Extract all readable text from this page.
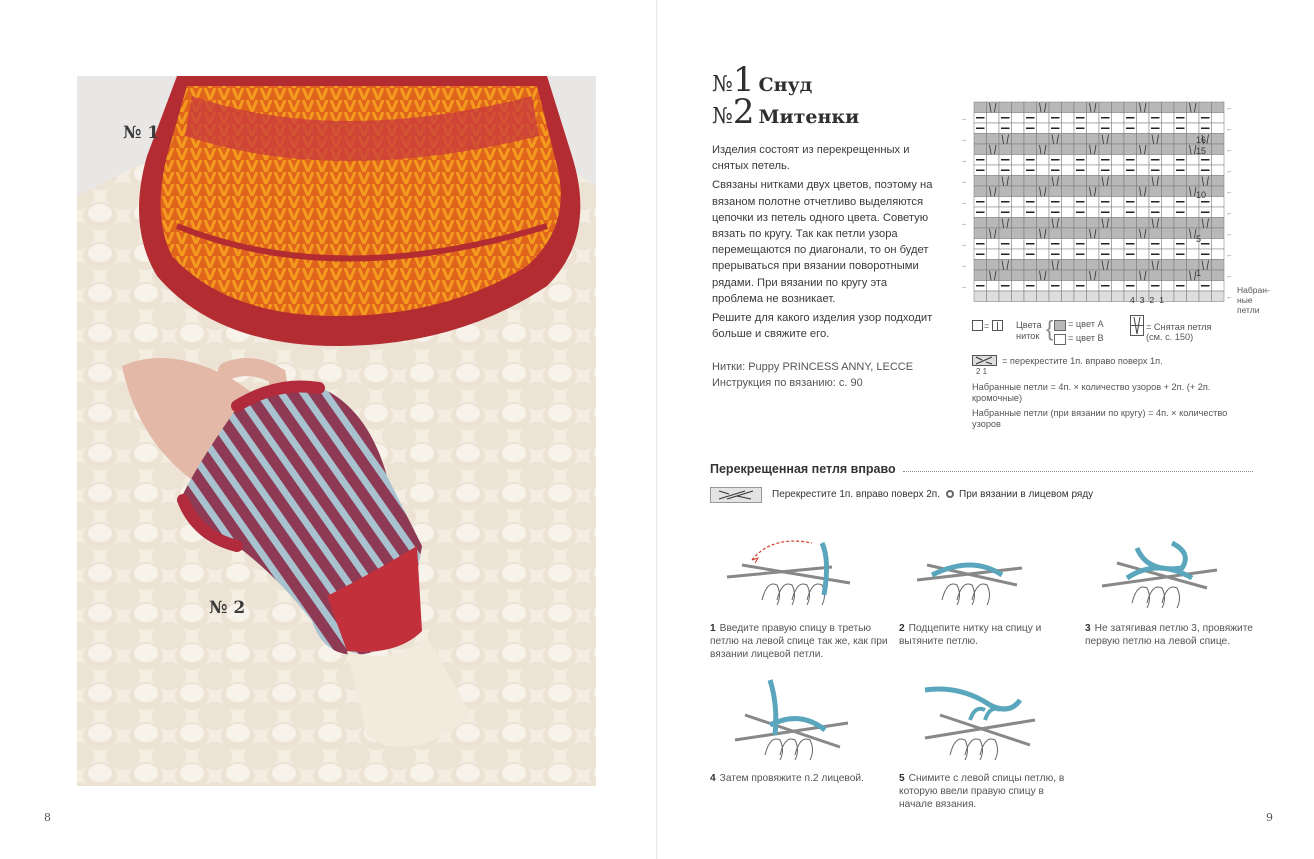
№ 1
№ 2
8
№1 Снуд
№2 Митенки

Изделия состоят из перекрещенных и снятых петель.

Связаны нитками двух цветов, поэтому на вязаном полотне отчетливо выделяются цепочки из петель одного цвета. Советую вязать по кругу. Так как петли узора перемещаются по диагонали, то он будет прерываться при вязании поворотными рядами. При вязании по кругу эта проблема не возникает.

Решите для какого изделия узор подходит больше и свяжите его.

Нитки: Puppy PRINCESS ANNY, LECCE
Инструкция по вязанию: с. 90
←
→
←
→
←
→
←
→
←
→
←
→
←
→
←
→
←
→
←
16
15
10
5
1
4321
Набран-
ные
петли
=	Цвета
ниток { = цвет А
= цвет В
= Снятая петля
(см. с. 150)
2 1
= перекрестите 1п. вправо поверх 1п.
Набранные петли = 4п. × количество узоров + 2п. (+ 2п. кромочные)
Набранные петли (при вязании по кругу) = 4п. × количество узоров
Перекрещенная петля вправо
Перекрестите 1п. вправо поверх 2п. При вязании в лицевом ряду
1 Введите правую спицу в третью петлю на левой спице так же, как при вязании лицевой петли.
2 Подцепите нитку на спицу и вытяните петлю.
3 Не затягивая петлю 3, провяжите первую петлю на левой спице.
4 Затем провяжите п.2 лицевой.	5 Снимите с левой спицы петлю, в которую ввели правую спицу в начале вязания.
9
